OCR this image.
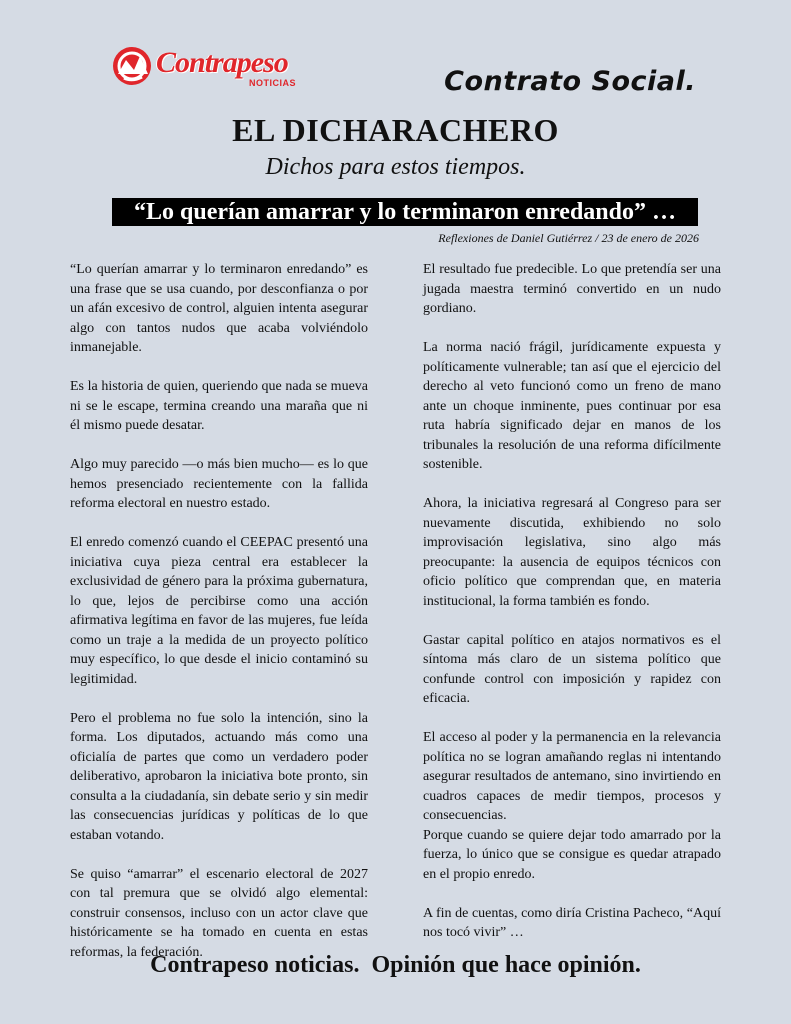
Contrapeso
NOTICIAS	Contrato Social.
EL DICHARACHERO
Dichos para estos tiempos.
“Lo querían amarrar y lo terminaron enredando” …
Reflexiones de Daniel Gutiérrez / 23 de enero de 2026

“Lo querían amarrar y lo terminaron enredando” es una frase que se usa cuando, por desconfianza o por un afán excesivo de control, alguien intenta asegurar algo con tantos nudos que acaba volviéndolo inmanejable.

Es la historia de quien, queriendo que nada se mueva ni se le escape, termina creando una maraña que ni él mismo puede desatar.

Algo muy parecido —o más bien mucho— es lo que hemos presenciado recientemente con la fallida reforma electoral en nuestro estado.

El enredo comenzó cuando el CEEPAC presentó una iniciativa cuya pieza central era establecer la exclusividad de género para la próxima gubernatura, lo que, lejos de percibirse como una acción afirmativa legítima en favor de las mujeres, fue leída como un traje a la medida de un proyecto político muy específico, lo que desde el inicio contaminó su legitimidad.

Pero el problema no fue solo la intención, sino la forma. Los diputados, actuando más como una oficialía de partes que como un verdadero poder deliberativo, aprobaron la iniciativa bote pronto, sin consulta a la ciudadanía, sin debate serio y sin medir las consecuencias jurídicas y políticas de lo que estaban votando.

Se quiso “amarrar” el escenario electoral de 2027 con tal premura que se olvidó algo elemental: construir consensos, incluso con un actor clave que históricamente se ha tomado en cuenta en estas reformas, la federación.

El resultado fue predecible. Lo que pretendía ser una jugada maestra terminó convertido en un nudo gordiano.

La norma nació frágil, jurídicamente expuesta y políticamente vulnerable; tan así que el ejercicio del derecho al veto funcionó como un freno de mano ante un choque inminente, pues continuar por esa ruta habría significado dejar en manos de los tribunales la resolución de una reforma difícilmente sostenible.

Ahora, la iniciativa regresará al Congreso para ser nuevamente discutida, exhibiendo no solo improvisación legislativa, sino algo más preocupante: la ausencia de equipos técnicos con oficio político que comprendan que, en materia institucional, la forma también es fondo.

Gastar capital político en atajos normativos es el síntoma más claro de un sistema político que confunde control con imposición y rapidez con eficacia.

El acceso al poder y la permanencia en la relevancia política no se logran amañando reglas ni intentando asegurar resultados de antemano, sino invirtiendo en cuadros capaces de medir tiempos, procesos y consecuencias.

Porque cuando se quiere dejar todo amarrado por la fuerza, lo único que se consigue es quedar atrapado en el propio enredo.

A fin de cuentas, como diría Cristina Pacheco, “Aquí nos tocó vivir” …

Contrapeso noticias.  Opinión que hace opinión.
